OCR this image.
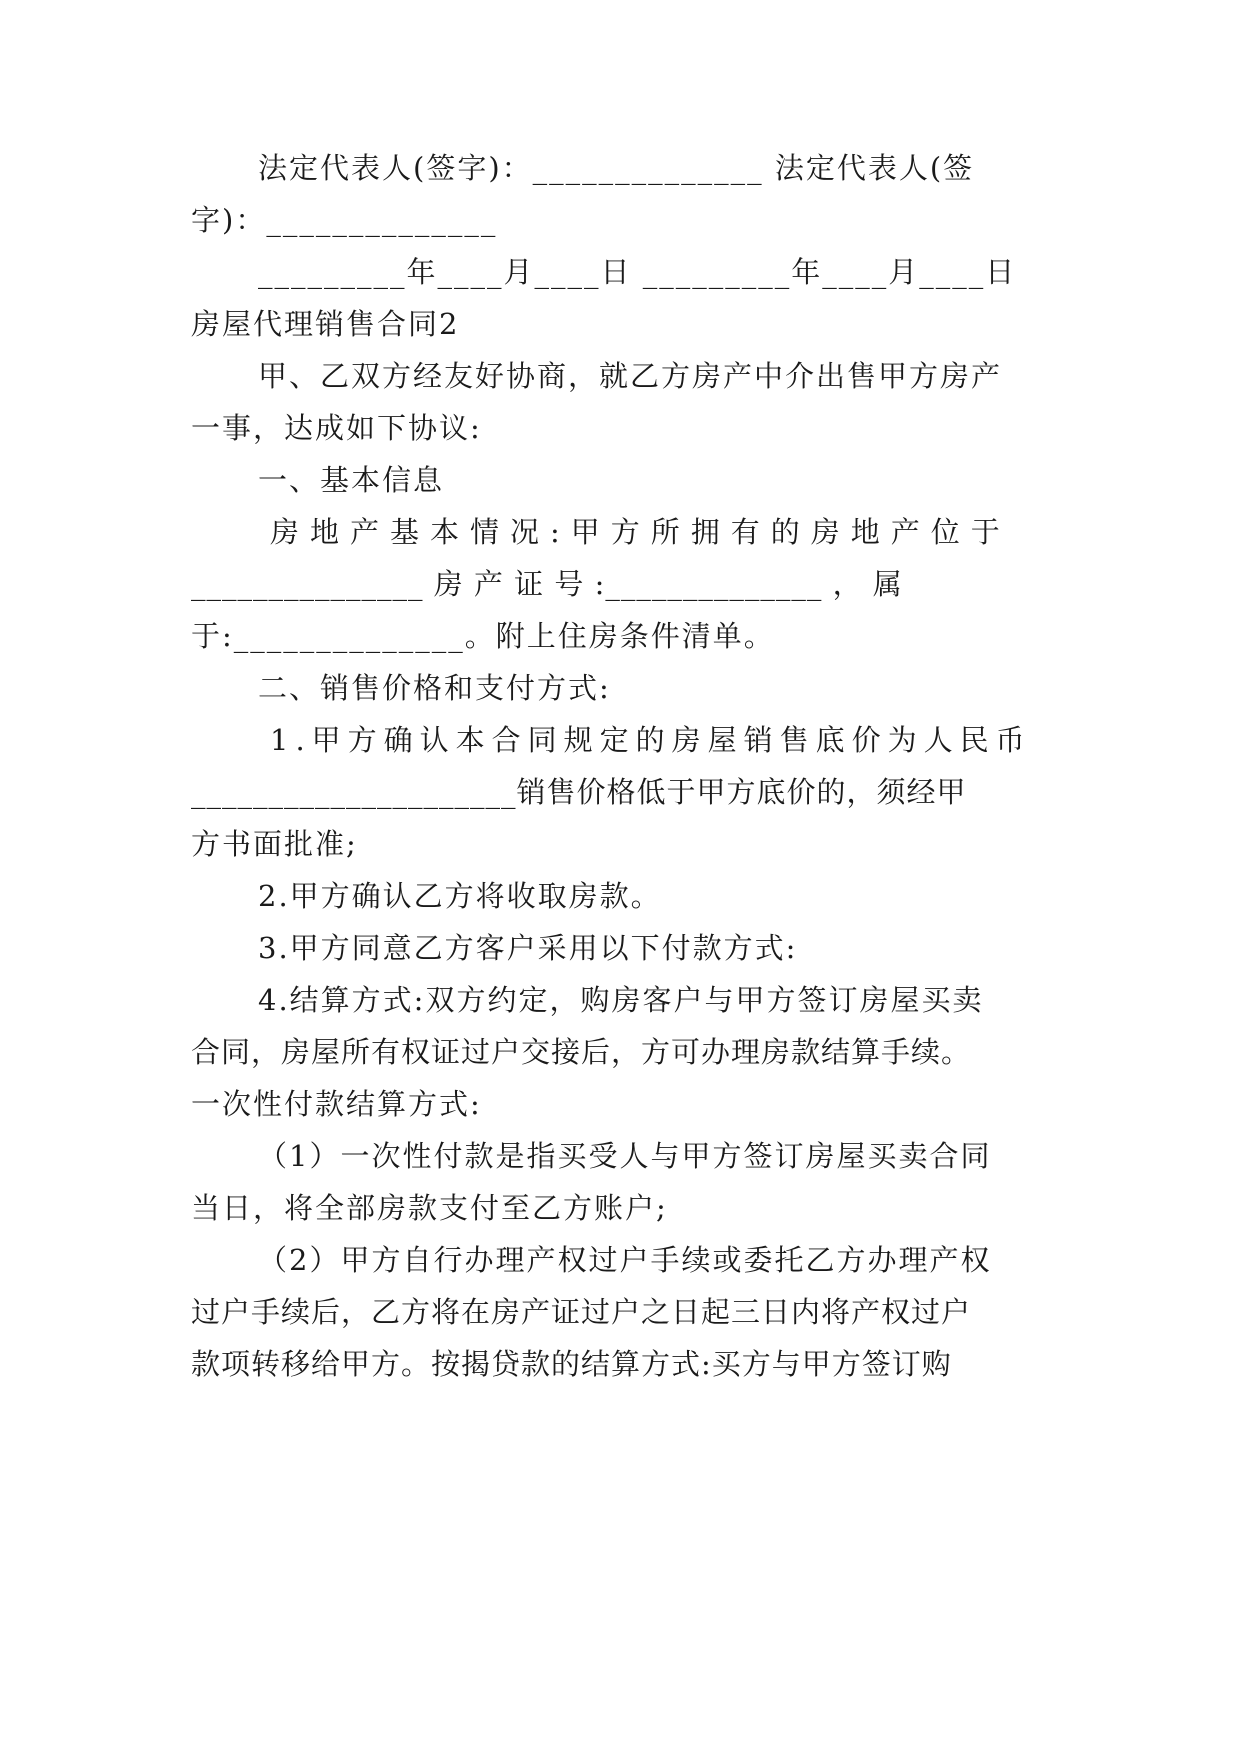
法定代表人(签字)：______________ 法定代表人(签
字)：______________
_________年____月____日 _________年____月____日
房屋代理销售合同2
甲、乙双方经友好协商，就乙方房产中介出售甲方房产
一事，达成如下协议:
一、基本信息
房地产基本情况:甲方所拥有的房地产位于
_______________ 房 产 证 号 :______________ ， 属
于:______________。附上住房条件清单。
二、销售价格和支付方式:
1.甲方确认本合同规定的房屋销售底价为人民币
_____________________销售价格低于甲方底价的，须经甲
方书面批准;
2.甲方确认乙方将收取房款。
3.甲方同意乙方客户采用以下付款方式:
4.结算方式:双方约定，购房客户与甲方签订房屋买卖
合同，房屋所有权证过户交接后，方可办理房款结算手续。
一次性付款结算方式:
（1）一次性付款是指买受人与甲方签订房屋买卖合同
当日，将全部房款支付至乙方账户;
（2）甲方自行办理产权过户手续或委托乙方办理产权
过户手续后，乙方将在房产证过户之日起三日内将产权过户
款项转移给甲方。按揭贷款的结算方式:买方与甲方签订购
